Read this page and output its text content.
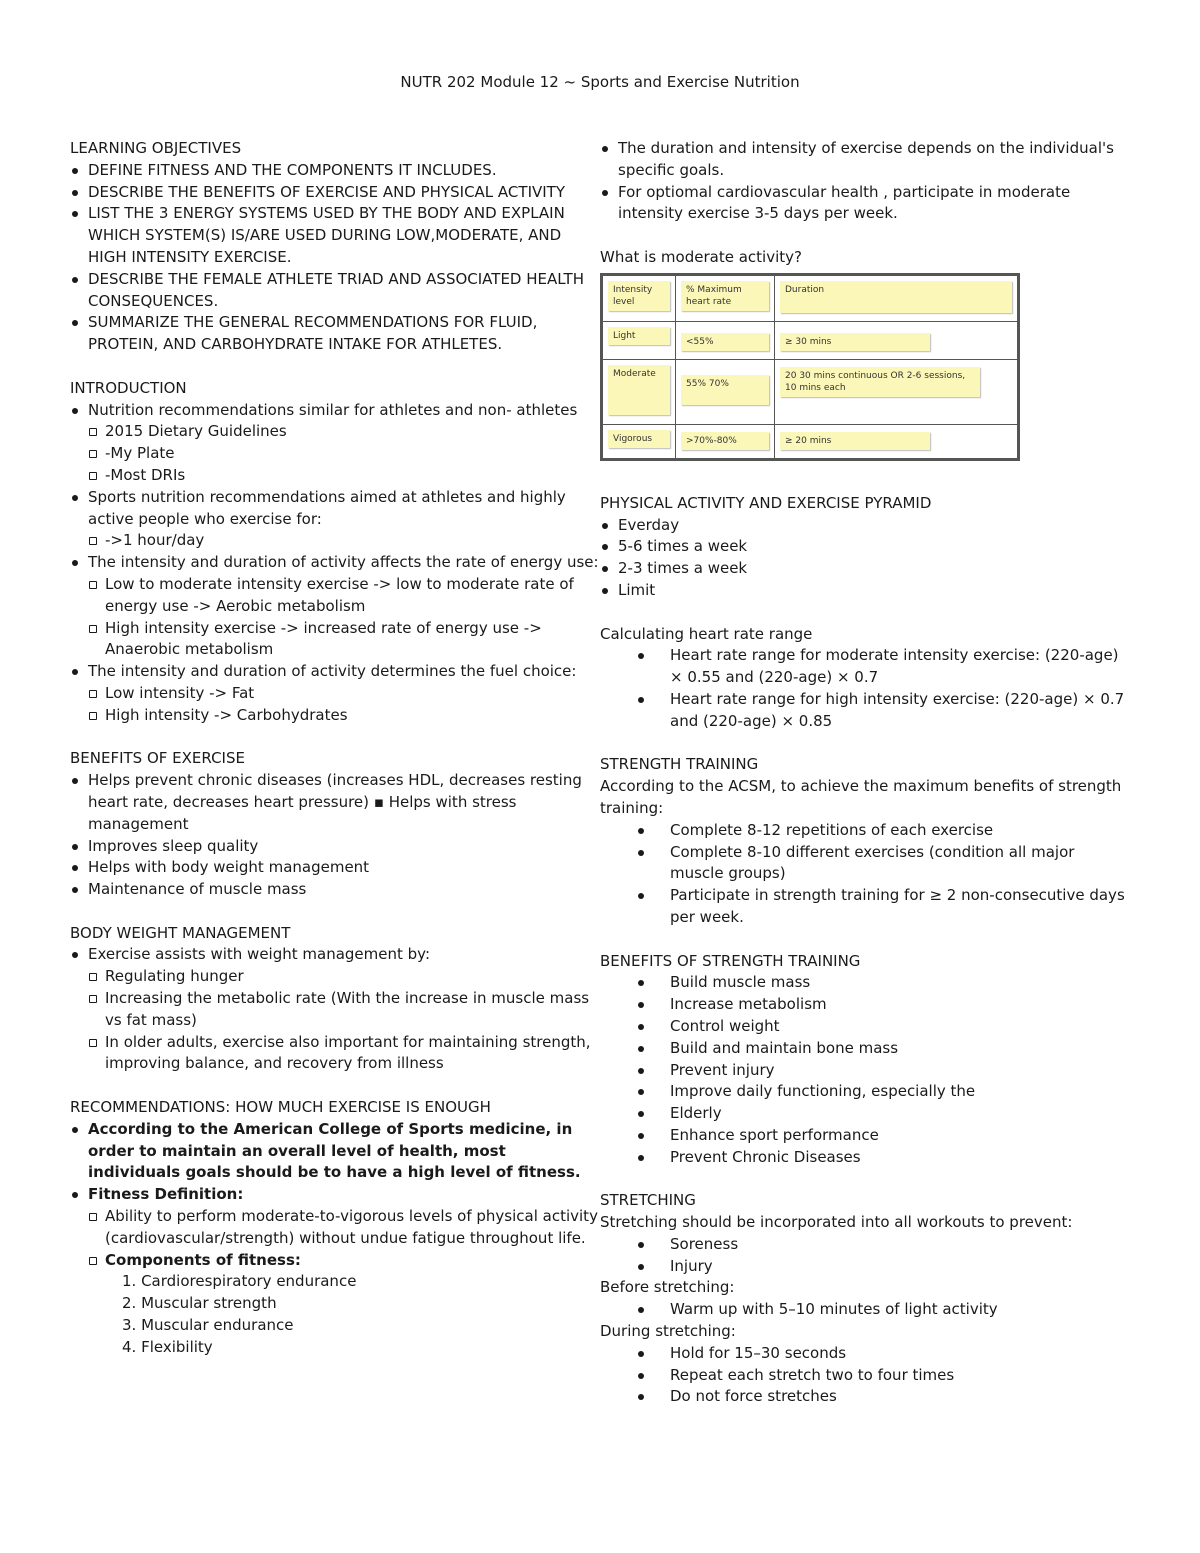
NUTR 202 Module 12 ~ Sports and Exercise Nutrition
LEARNING OBJECTIVES
DEFINE FITNESS AND THE COMPONENTS IT INCLUDES.
DESCRIBE THE BENEFITS OF EXERCISE AND PHYSICAL ACTIVITY
LIST THE 3 ENERGY SYSTEMS USED BY THE BODY AND EXPLAIN WHICH SYSTEM(S) IS/ARE USED DURING LOW,MODERATE, AND HIGH INTENSITY EXERCISE.
DESCRIBE THE FEMALE ATHLETE TRIAD AND ASSOCIATED HEALTH CONSEQUENCES.
SUMMARIZE THE GENERAL RECOMMENDATIONS FOR FLUID, PROTEIN, AND CARBOHYDRATE INTAKE FOR ATHLETES.
INTRODUCTION
Nutrition recommendations similar for athletes and non- athletes
2015 Dietary Guidelines
-My Plate
-Most DRIs
Sports nutrition recommendations aimed at athletes and highly active people who exercise for:
->1 hour/day
The intensity and duration of activity affects the rate of energy use:
Low to moderate intensity exercise -> low to moderate rate of energy use -> Aerobic metabolism
High intensity exercise -> increased rate of energy use -> Anaerobic metabolism
The intensity and duration of activity determines the fuel choice:
Low intensity -> Fat
High intensity -> Carbohydrates
BENEFITS OF EXERCISE
Helps prevent chronic diseases (increases HDL, decreases resting heart rate, decreases heart pressure) ▪ Helps with stress management
Improves sleep quality
Helps with body weight management
Maintenance of muscle mass
BODY WEIGHT MANAGEMENT
Exercise assists with weight management by:
Regulating hunger
Increasing the metabolic rate (With the increase in muscle mass vs fat mass)
In older adults, exercise also important for maintaining strength, improving balance, and recovery from illness
RECOMMENDATIONS: HOW MUCH EXERCISE IS ENOUGH
According to the American College of Sports medicine, in order to maintain an overall level of health, most individuals goals should be to have a high level of fitness.
Fitness Definition:
Ability to perform moderate-to-vigorous levels of physical activity (cardiovascular/strength) without undue fatigue throughout life.
Components of fitness:
1. Cardiorespiratory endurance
2. Muscular strength
3. Muscular endurance
4. Flexibility
The duration and intensity of exercise depends on the individual's specific goals.
For optiomal cardiovascular health , participate in moderate intensity exercise 3-5 days per week.
What is moderate activity?
Intensity level	% Maximum heart rate	Duration

Light	<55%	≥ 30 mins

Moderate	55% 70%	20 30 mins continuous OR 2-6 sessions, 10 mins each

Vigorous	>70%-80%	≥ 20 mins
PHYSICAL ACTIVITY AND EXERCISE PYRAMID
Everday
5-6 times a week
2-3 times a week
Limit
Calculating heart rate range
Heart rate range for moderate intensity exercise: (220-age) × 0.55 and (220-age) × 0.7
Heart rate range for high intensity exercise: (220-age) × 0.7 and (220-age) × 0.85
STRENGTH TRAINING
According to the ACSM, to achieve the maximum benefits of strength training:
Complete 8-12 repetitions of each exercise
Complete 8-10 different exercises (condition all major muscle groups)
Participate in strength training for ≥ 2 non-consecutive days per week.
BENEFITS OF STRENGTH TRAINING
Build muscle mass
Increase metabolism
Control weight
Build and maintain bone mass
Prevent injury
Improve daily functioning, especially the
Elderly
Enhance sport performance
Prevent Chronic Diseases
STRETCHING
Stretching should be incorporated into all workouts to prevent:
Soreness
Injury
Before stretching:
Warm up with 5–10 minutes of light activity
During stretching:
Hold for 15–30 seconds
Repeat each stretch two to four times
Do not force stretches
